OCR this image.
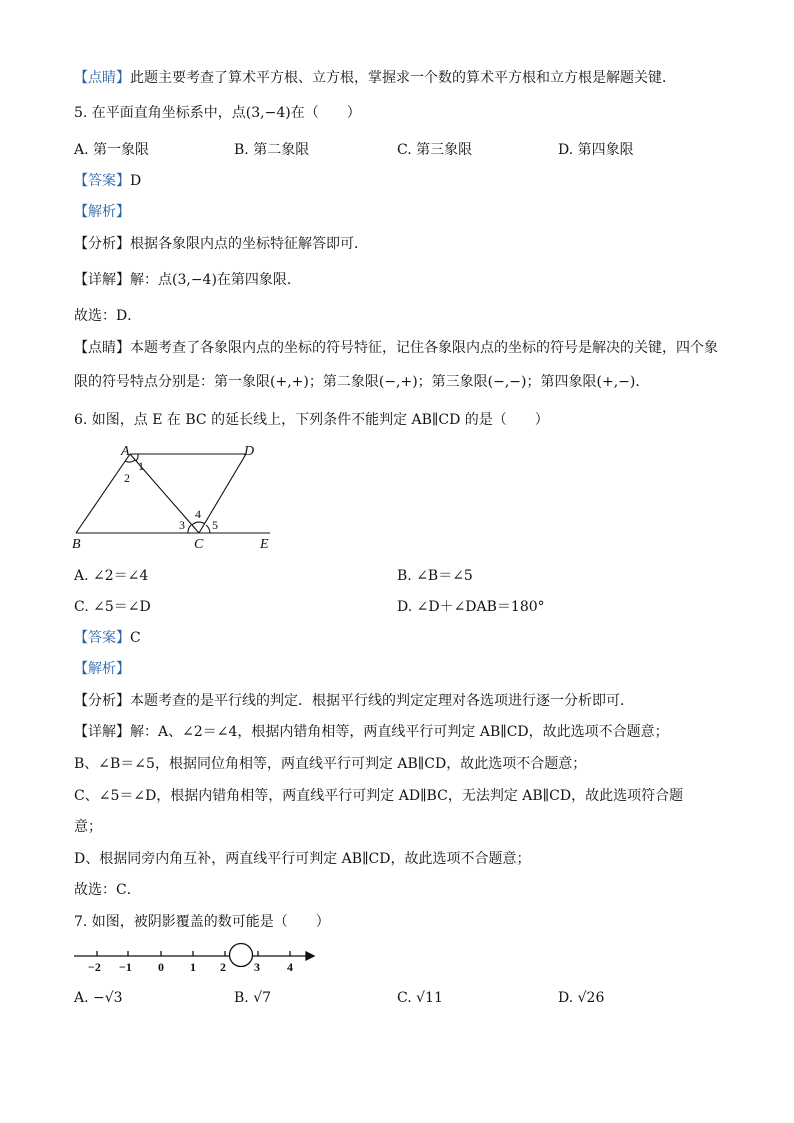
【点睛】此题主要考查了算术平方根、立方根，掌握求一个数的算术平方根和立方根是解题关键．
5. 在平面直角坐标系中，点(3,−4)在（　　）
A. 第一象限	B. 第二象限	C. 第三象限	D. 第四象限
【答案】D
【解析】
【分析】根据各象限内点的坐标特征解答即可．
【详解】解：点(3,−4)在第四象限．
故选：D．
【点睛】本题考查了各象限内点的坐标的符号特征，记住各象限内点的坐标的符号是解决的关键，四个象
限的符号特点分别是：第一象限(+,+)；第二象限(−,+)；第三象限(−,−)；第四象限(+,−)．
6. 如图，点 E 在 BC 的延长线上，下列条件不能判定 AB∥CD 的是（　　）
A	D
B	C	E
1
2
3
4
5
A. ∠2＝∠4	B. ∠B＝∠5
C. ∠5＝∠D	D. ∠D＋∠DAB＝180°
【答案】C
【解析】
【分析】本题考查的是平行线的判定．根据平行线的判定定理对各选项进行逐一分析即可．
【详解】解：A、∠2＝∠4，根据内错角相等，两直线平行可判定 AB∥CD，故此选项不合题意；
B、∠B＝∠5，根据同位角相等，两直线平行可判定 AB∥CD，故此选项不合题意；
C、∠5＝∠D，根据内错角相等，两直线平行可判定 AD∥BC，无法判定 AB∥CD，故此选项符合题
意；
D、根据同旁内角互补，两直线平行可判定 AB∥CD，故此选项不合题意；
故选：C．
7. 如图，被阴影覆盖的数可能是（　　）
−2 −1 0 1 2 3 4
A. −√3	B. √7	C. √11	D. √26
